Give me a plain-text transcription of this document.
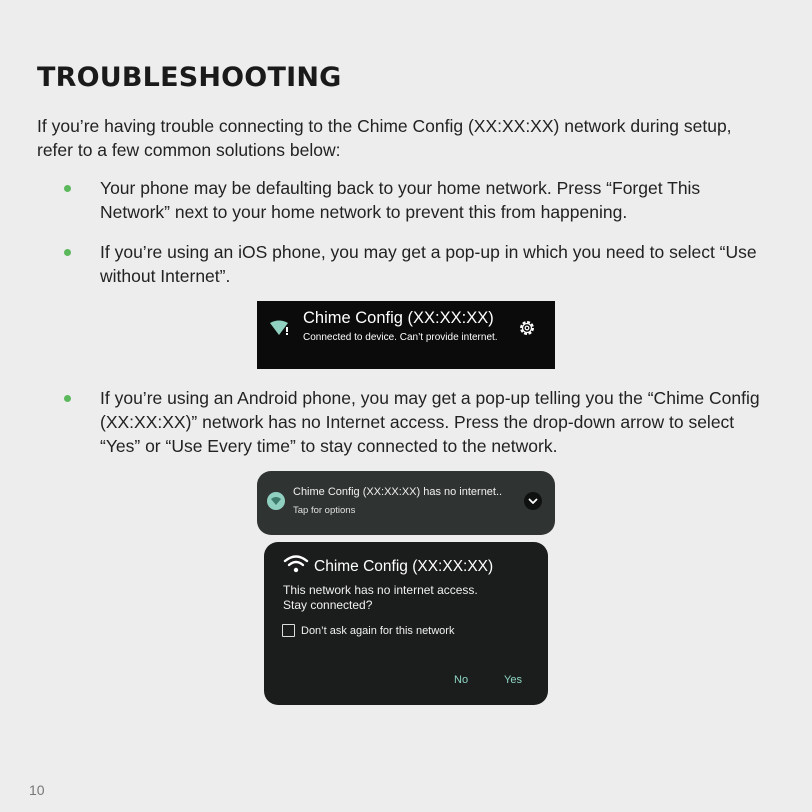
TROUBLESHOOTING

If you’re having trouble connecting to the Chime Config (XX:XX:XX) network during setup, refer to a few common solutions below:

Your phone may be defaulting back to your home network. Press “Forget This Network” next to your home network to prevent this from happening.

If you’re using an iOS phone, you may get a pop-up in which you need to select “Use without Internet”.

Chime Config (XX:XX:XX)
Connected to device. Can’t provide internet.

If you’re using an Android phone, you may get a pop-up telling you the “Chime Config (XX:XX:XX)” network has no Internet access. Press the drop-down arrow to select “Yes” or “Use Every time” to stay connected to the network.

Chime Config (XX:XX:XX) has no internet..
Tap for options
Chime Config (XX:XX:XX)
This network has no internet access.
Stay connected?
Don’t ask again for this network
No	Yes
10
